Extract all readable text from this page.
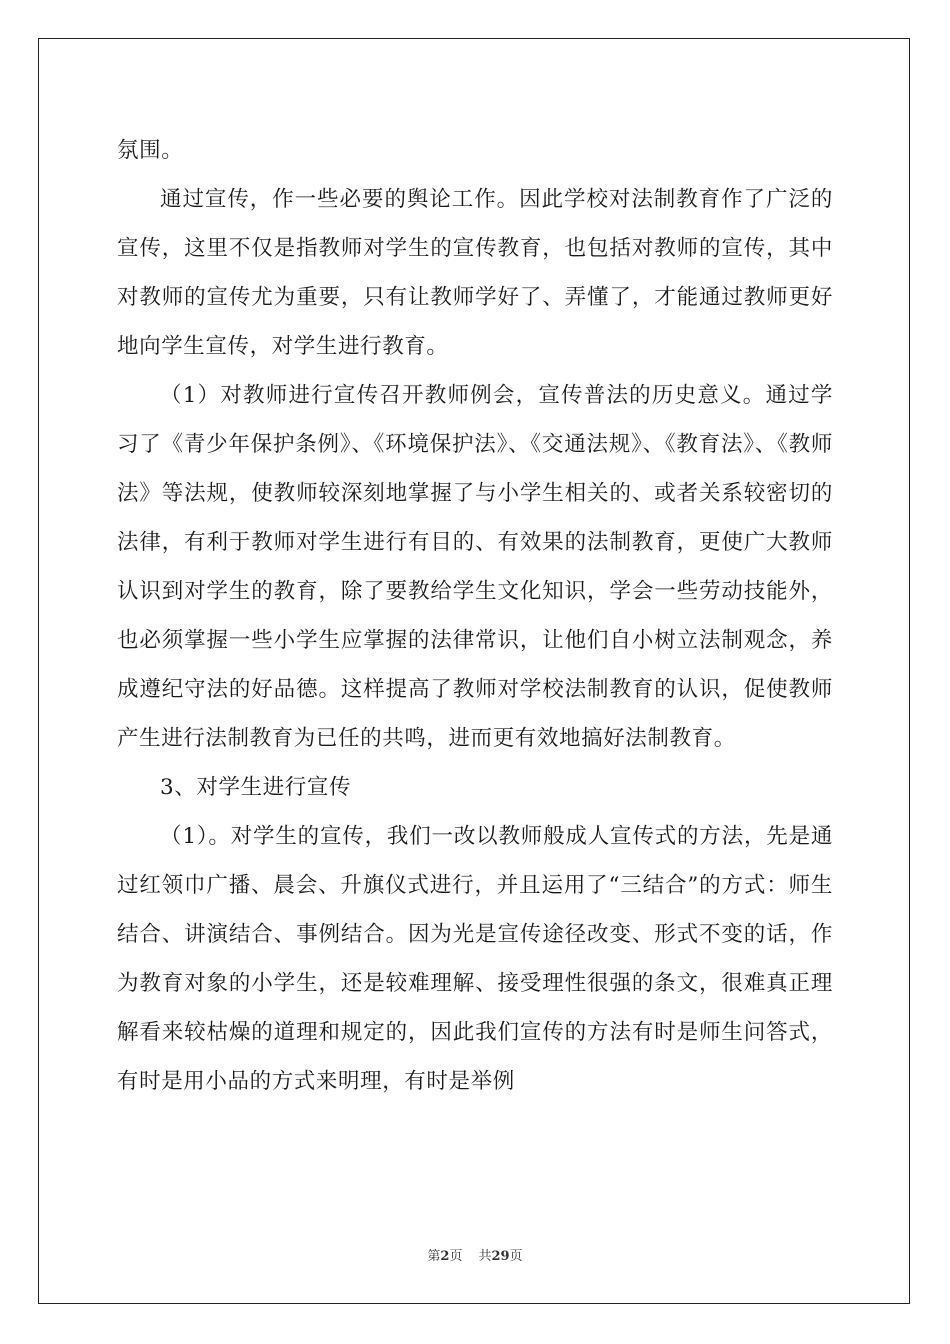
氛围。

通过宣传，作一些必要的舆论工作。因此学校对法制教育作了广泛的宣传，这里不仅是指教师对学生的宣传教育，也包括对教师的宣传，其中对教师的宣传尤为重要，只有让教师学好了、弄懂了，才能通过教师更好地向学生宣传，对学生进行教育。

（1）对教师进行宣传召开教师例会，宣传普法的历史意义。通过学习了《青少年保护条例》、《环境保护法》、《交通法规》、《教育法》、《教师法》等法规，使教师较深刻地掌握了与小学生相关的、或者关系较密切的法律，有利于教师对学生进行有目的、有效果的法制教育，更使广大教师认识到对学生的教育，除了要教给学生文化知识，学会一些劳动技能外，也必须掌握一些小学生应掌握的法律常识，让他们自小树立法制观念，养成遵纪守法的好品德。这样提高了教师对学校法制教育的认识，促使教师产生进行法制教育为已任的共鸣，进而更有效地搞好法制教育。

3、对学生进行宣传

（1）。对学生的宣传，我们一改以教师般成人宣传式的方法，先是通过红领巾广播、晨会、升旗仪式进行，并且运用了“三结合”的方式：师生结合、讲演结合、事例结合。因为光是宣传途径改变、形式不变的话，作为教育对象的小学生，还是较难理解、接受理性很强的条文，很难真正理解看来较枯燥的道理和规定的，因此我们宣传的方法有时是师生问答式，有时是用小品的方式来明理，有时是举例

第2页 共29页
